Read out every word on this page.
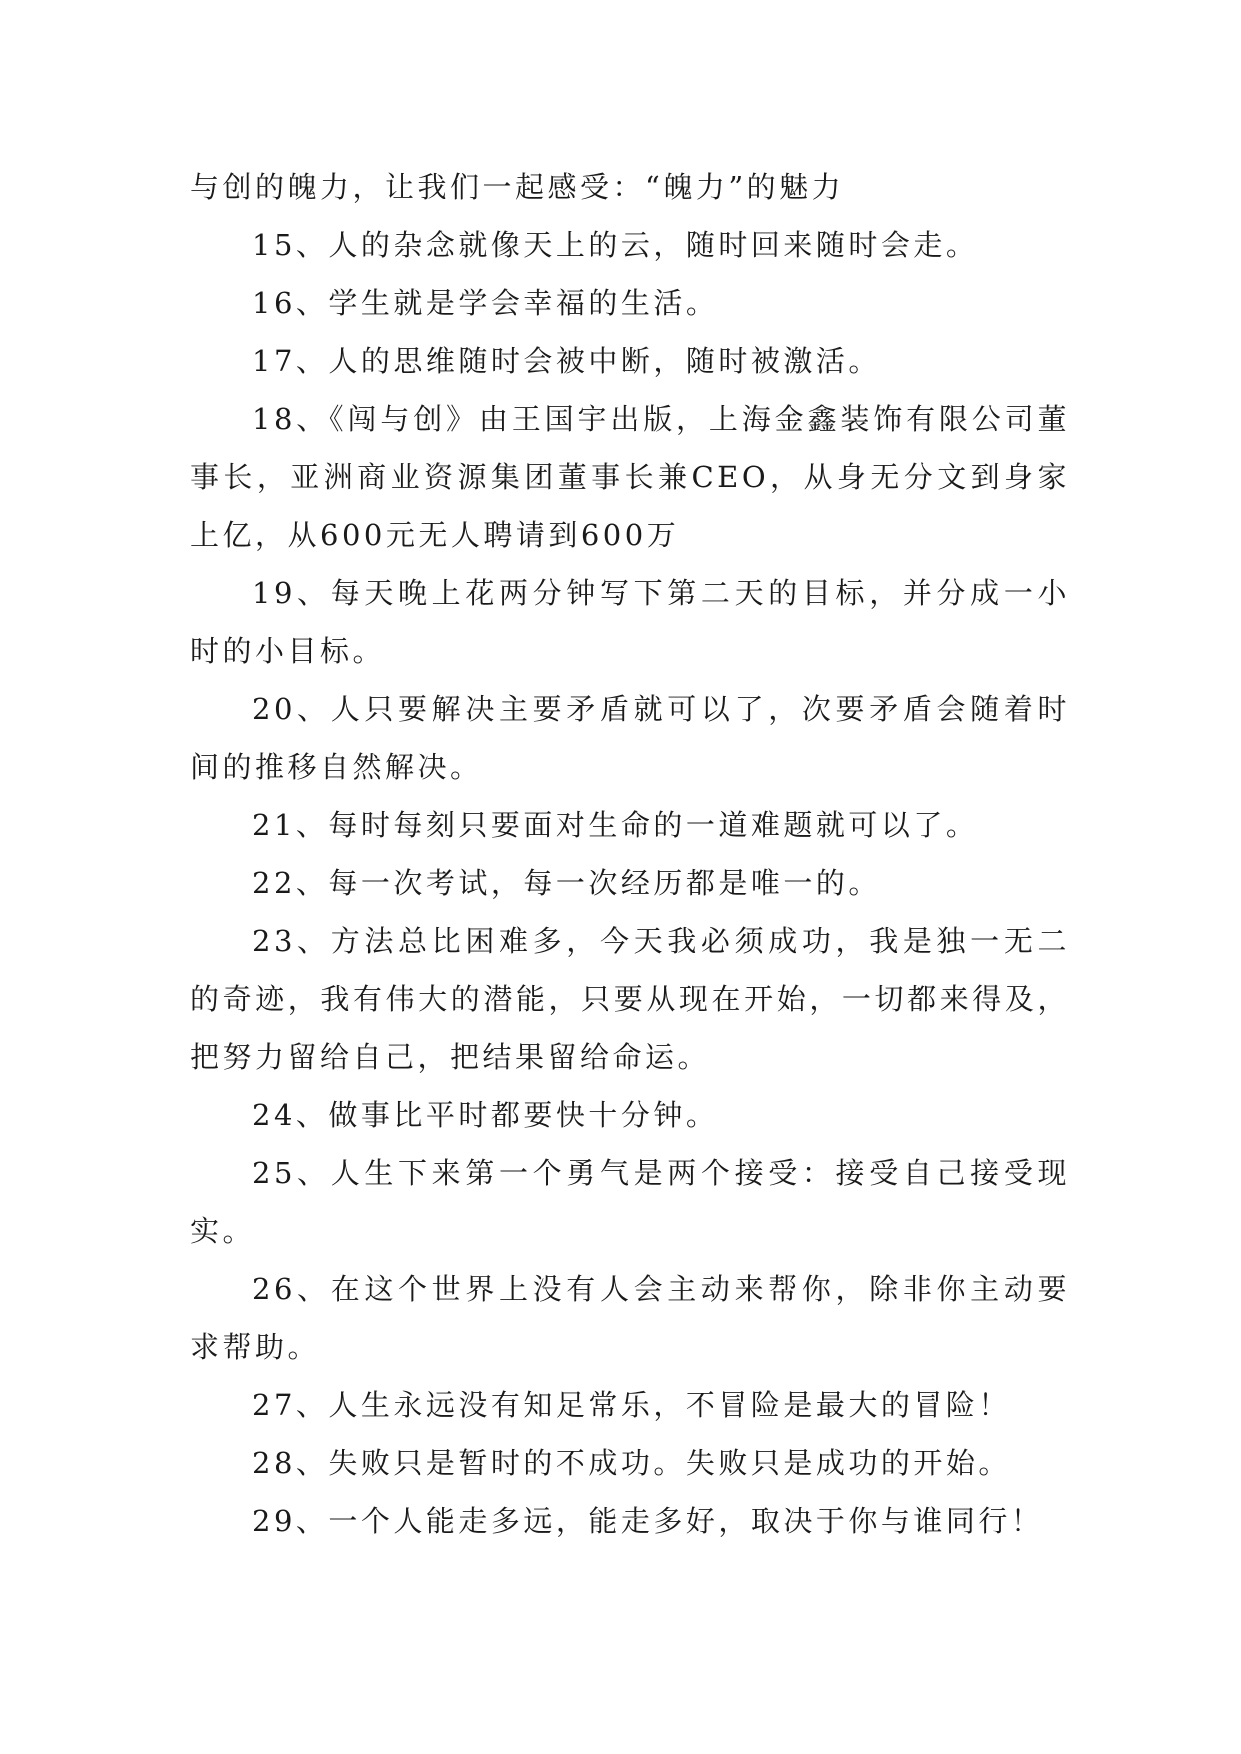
与创的魄力，让我们一起感受：“魄力”的魅力

15、人的杂念就像天上的云，随时回来随时会走。

16、学生就是学会幸福的生活。

17、人的思维随时会被中断，随时被激活。

18、《闯与创》由王国宇出版，上海金鑫装饰有限公司董事长，亚洲商业资源集团董事长兼CEO，从身无分文到身家上亿，从600元无人聘请到600万

19、每天晚上花两分钟写下第二天的目标，并分成一小时的小目标。

20、人只要解决主要矛盾就可以了，次要矛盾会随着时间的推移自然解决。

21、每时每刻只要面对生命的一道难题就可以了。

22、每一次考试，每一次经历都是唯一的。

23、方法总比困难多，今天我必须成功，我是独一无二的奇迹，我有伟大的潜能，只要从现在开始，一切都来得及，把努力留给自己，把结果留给命运。

24、做事比平时都要快十分钟。

25、人生下来第一个勇气是两个接受：接受自己接受现实。

26、在这个世界上没有人会主动来帮你，除非你主动要求帮助。

27、人生永远没有知足常乐，不冒险是最大的冒险！

28、失败只是暂时的不成功。失败只是成功的开始。

29、一个人能走多远，能走多好，取决于你与谁同行！
